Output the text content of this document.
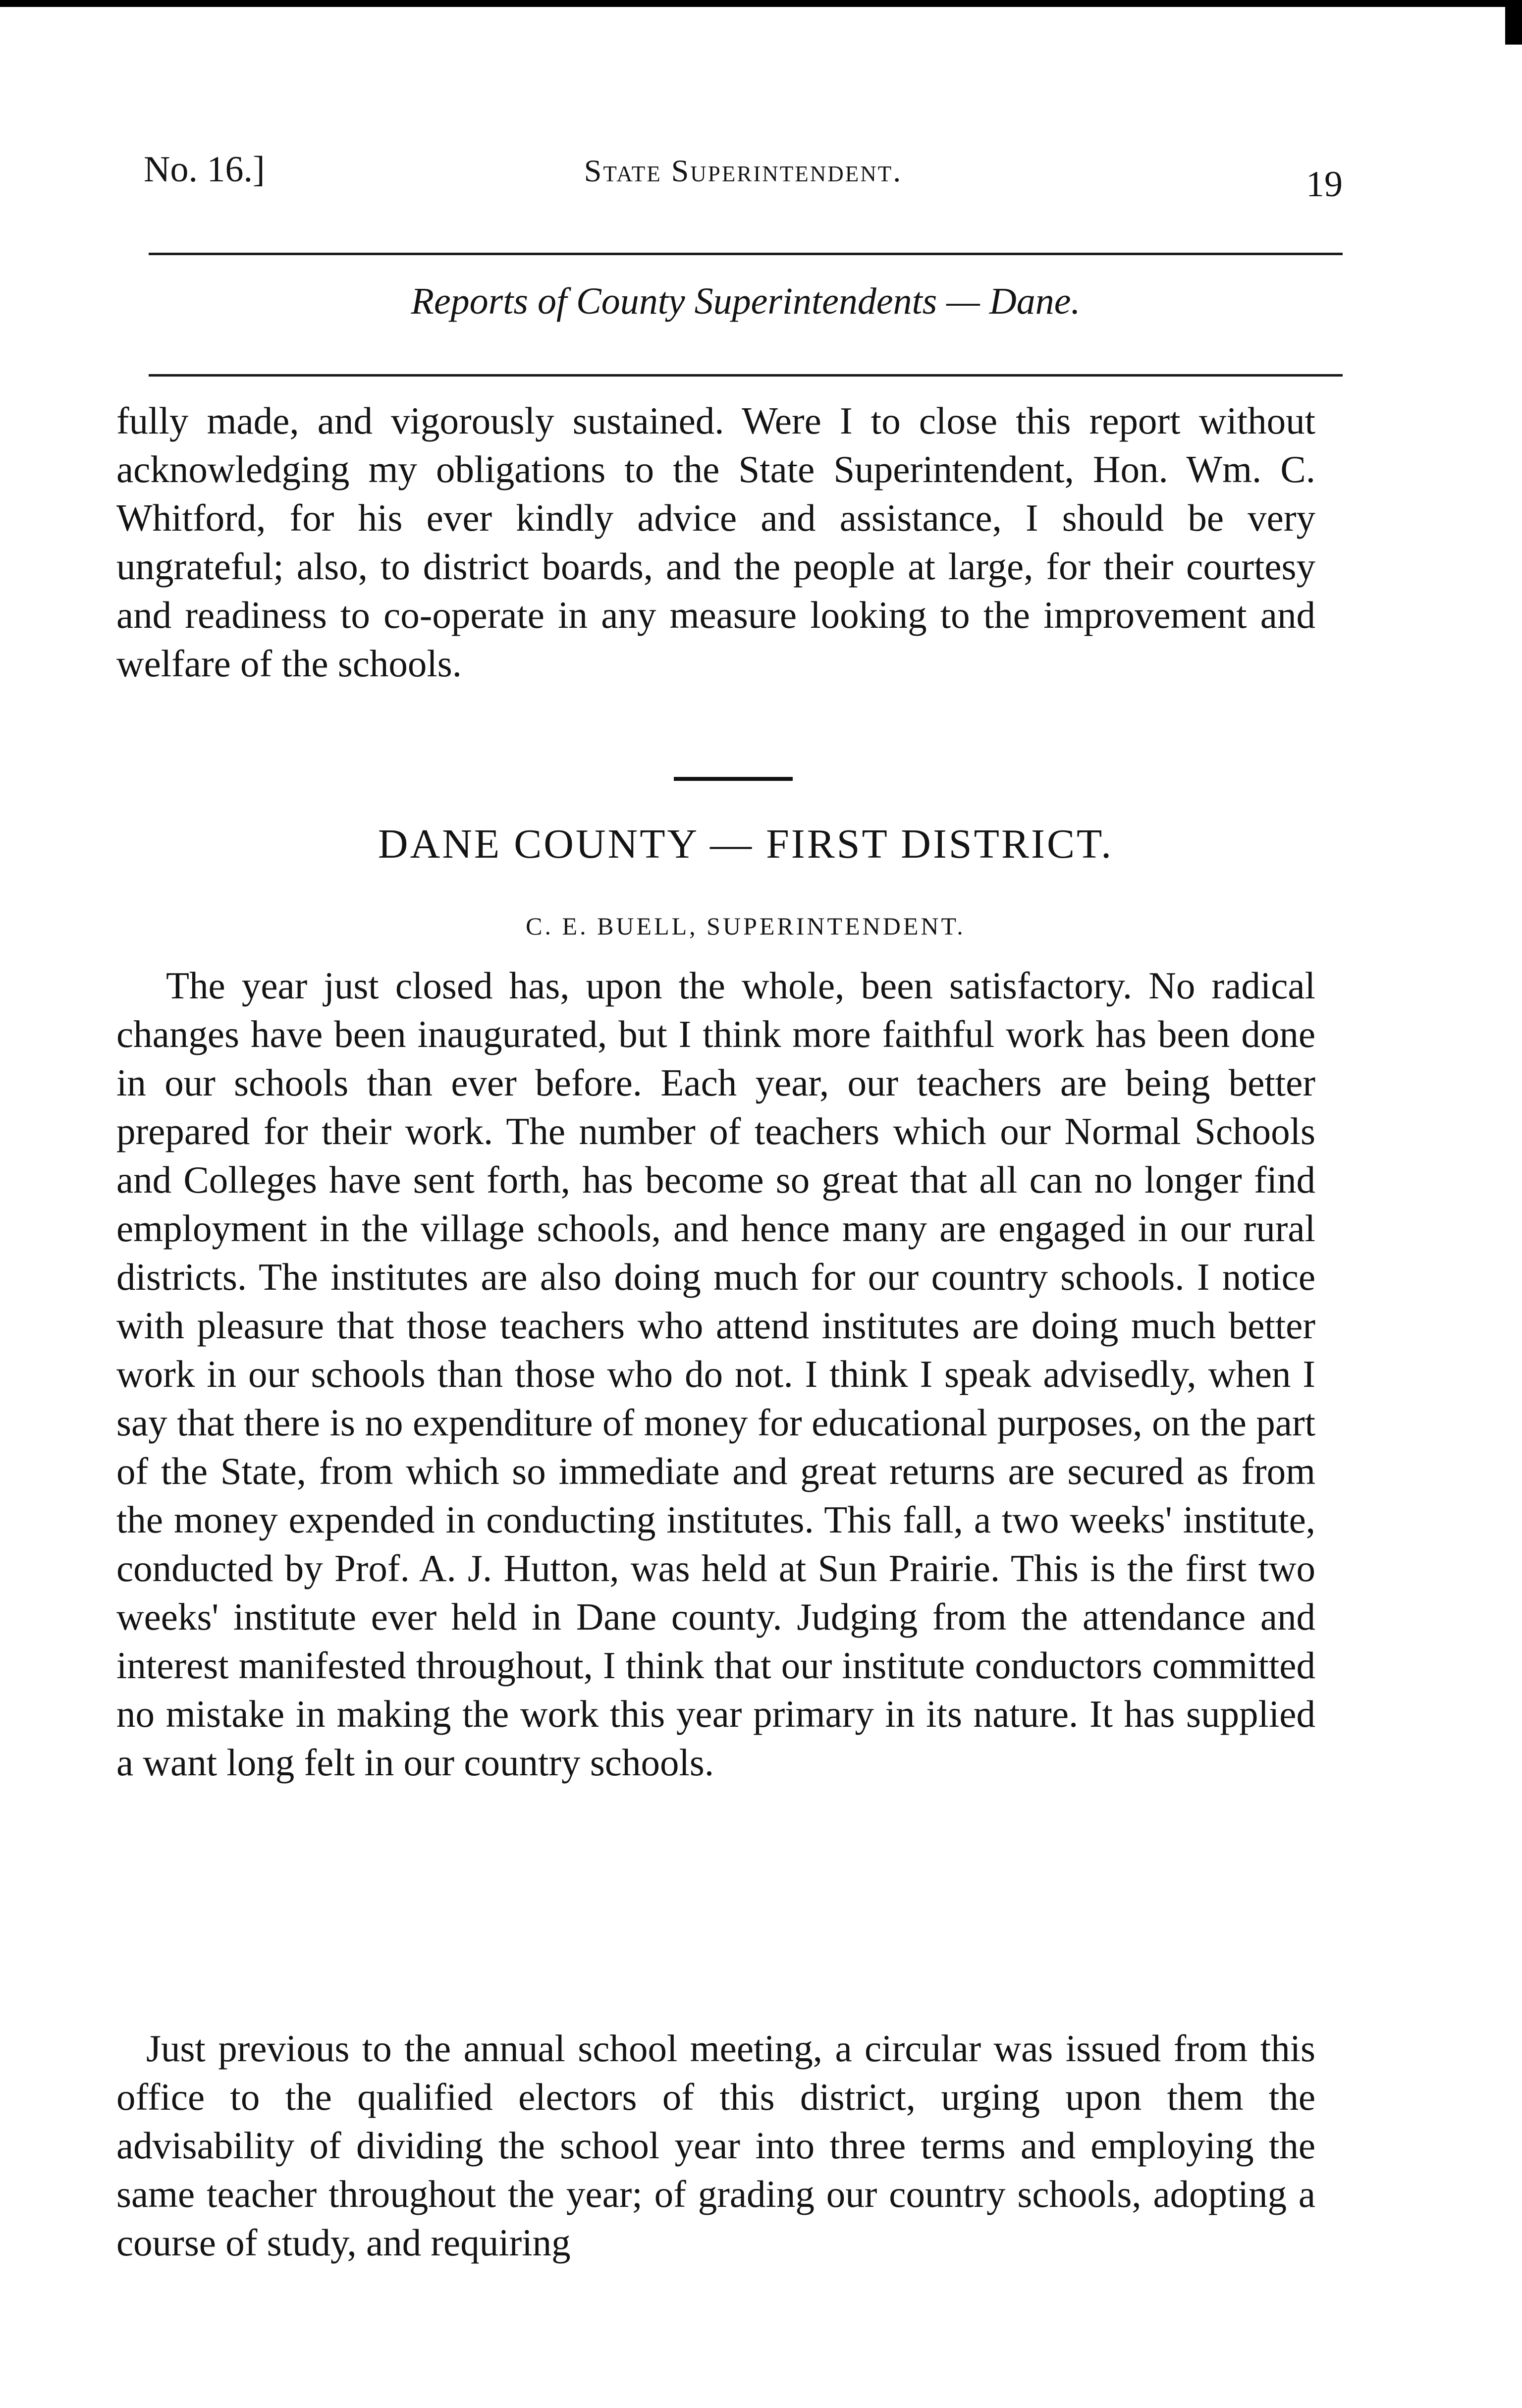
No. 16.]	State Superintendent.	19
Reports of County Superintendents — Dane.

fully made, and vigorously sustained. Were I to close this report without acknowledging my obligations to the State Superintendent, Hon. Wm. C. Whitford, for his ever kindly advice and assistance, I should be very ungrateful; also, to district boards, and the people at large, for their courtesy and readiness to co-operate in any measure looking to the improvement and welfare of the schools.

DANE COUNTY — FIRST DISTRICT.
C. E. BUELL, SUPERINTENDENT.

The year just closed has, upon the whole, been satisfactory. No radical changes have been inaugurated, but I think more faithful work has been done in our schools than ever before. Each year, our teachers are being better prepared for their work. The number of teachers which our Normal Schools and Colleges have sent forth, has become so great that all can no longer find employment in the village schools, and hence many are engaged in our rural districts. The institutes are also doing much for our country schools. I notice with pleasure that those teachers who attend institutes are doing much better work in our schools than those who do not. I think I speak advisedly, when I say that there is no expenditure of money for educational purposes, on the part of the State, from which so immediate and great returns are secured as from the money expended in conducting institutes. This fall, a two weeks' institute, conducted by Prof. A. J. Hutton, was held at Sun Prairie. This is the first two weeks' institute ever held in Dane county. Judging from the attendance and interest manifested throughout, I think that our institute conductors committed no mistake in making the work this year primary in its nature. It has supplied a want long felt in our country schools.

Just previous to the annual school meeting, a circular was issued from this office to the qualified electors of this district, urging upon them the advisability of dividing the school year into three terms and employing the same teacher throughout the year; of grading our country schools, adopting a course of study, and requiring
